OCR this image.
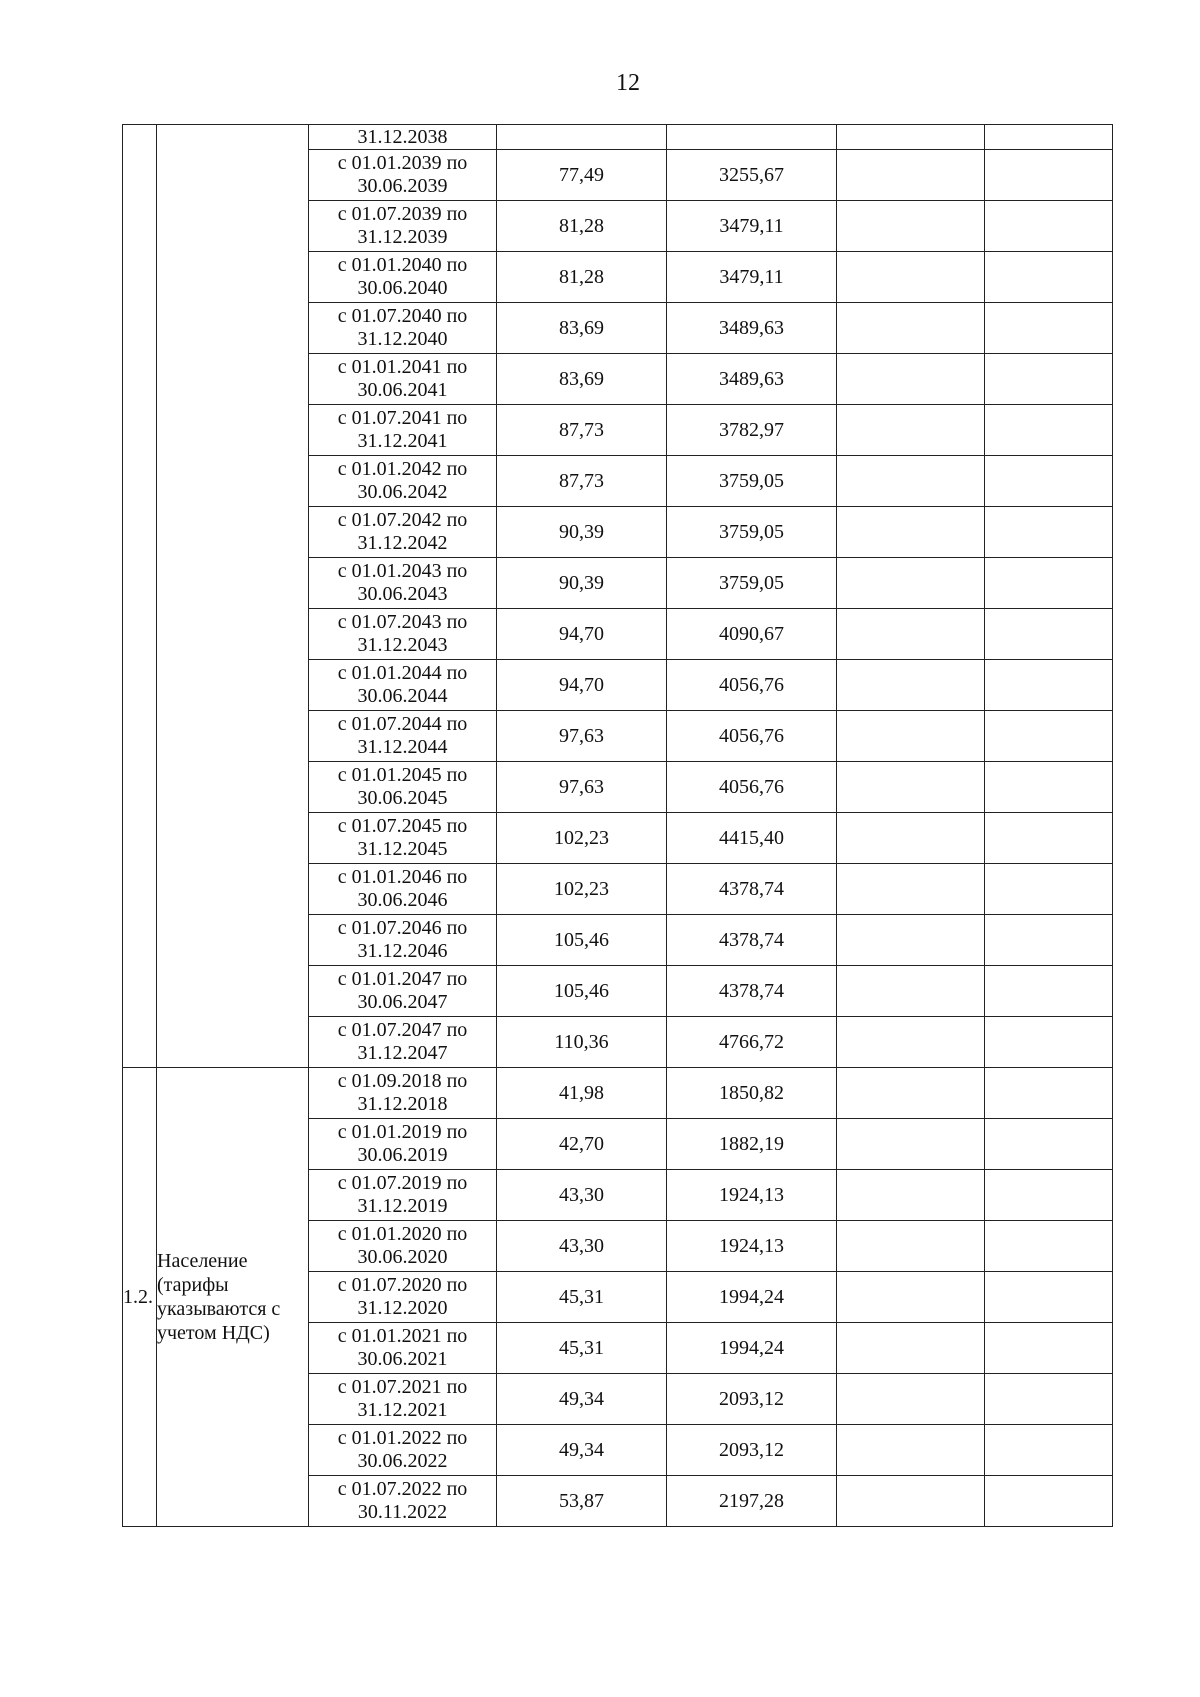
12
		31.12.2038				
		с 01.01.2039 по 30.06.2039	77,49	3255,67		
		с 01.07.2039 по 31.12.2039	81,28	3479,11		
		с 01.01.2040 по 30.06.2040	81,28	3479,11		
		с 01.07.2040 по 31.12.2040	83,69	3489,63		
		с 01.01.2041 по 30.06.2041	83,69	3489,63		
		с 01.07.2041 по 31.12.2041	87,73	3782,97		
		с 01.01.2042 по 30.06.2042	87,73	3759,05		
		с 01.07.2042 по 31.12.2042	90,39	3759,05		
		с 01.01.2043 по 30.06.2043	90,39	3759,05		
		с 01.07.2043 по 31.12.2043	94,70	4090,67		
		с 01.01.2044 по 30.06.2044	94,70	4056,76		
		с 01.07.2044 по 31.12.2044	97,63	4056,76		
		с 01.01.2045 по 30.06.2045	97,63	4056,76		
		с 01.07.2045 по 31.12.2045	102,23	4415,40		
		с 01.01.2046 по 30.06.2046	102,23	4378,74		
		с 01.07.2046 по 31.12.2046	105,46	4378,74		
		с 01.01.2047 по 30.06.2047	105,46	4378,74		
		с 01.07.2047 по 31.12.2047	110,36	4766,72		
1.2.	Население (тарифы указываются с учетом НДС)	с 01.09.2018 по 31.12.2018	41,98	1850,82		
		с 01.01.2019 по 30.06.2019	42,70	1882,19		
		с 01.07.2019 по 31.12.2019	43,30	1924,13		
		с 01.01.2020 по 30.06.2020	43,30	1924,13		
		с 01.07.2020 по 31.12.2020	45,31	1994,24		
		с 01.01.2021 по 30.06.2021	45,31	1994,24		
		с 01.07.2021 по 31.12.2021	49,34	2093,12		
		с 01.01.2022 по 30.06.2022	49,34	2093,12		
		с 01.07.2022 по 30.11.2022	53,87	2197,28		
